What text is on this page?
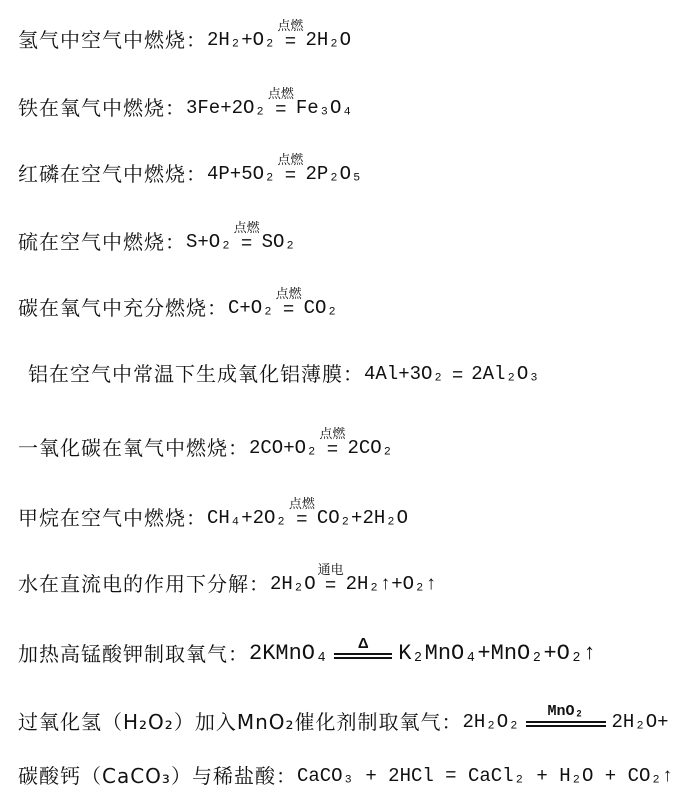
氢气中空气中燃烧： 2H₂+O₂
点燃
= 2H₂O
铁在氧气中燃烧： 3Fe+2O₂
点燃
= Fe₃O₄
红磷在空气中燃烧： 4P+5O₂
点燃
= 2P₂O₅
硫在空气中燃烧： S+O₂
点燃
= SO₂
碳在氧气中充分燃烧： C+O₂
点燃
= CO₂
铝在空气中常温下生成氧化铝薄膜： 4Al+3O₂ = 2Al₂O₃
一氧化碳在氧气中燃烧： 2CO+O₂
点燃
= 2CO₂
甲烷在空气中燃烧： CH₄+2O₂
点燃
= CO₂+2H₂O
水在直流电的作用下分解： 2H₂O
通电
= 2H₂↑+O₂↑
加热高锰酸钾制取氧气： 2KMnO₄ Δ K₂MnO₄+MnO₂+O₂↑
过氧化氢（H₂O₂）加入MnO₂催化剂制取氧气： 2H₂O₂ MnO₂ 2H₂O+
碳酸钙（CaCO₃）与稀盐酸： CaCO₃ + 2HCl = CaCl₂ + H₂O + CO₂↑
